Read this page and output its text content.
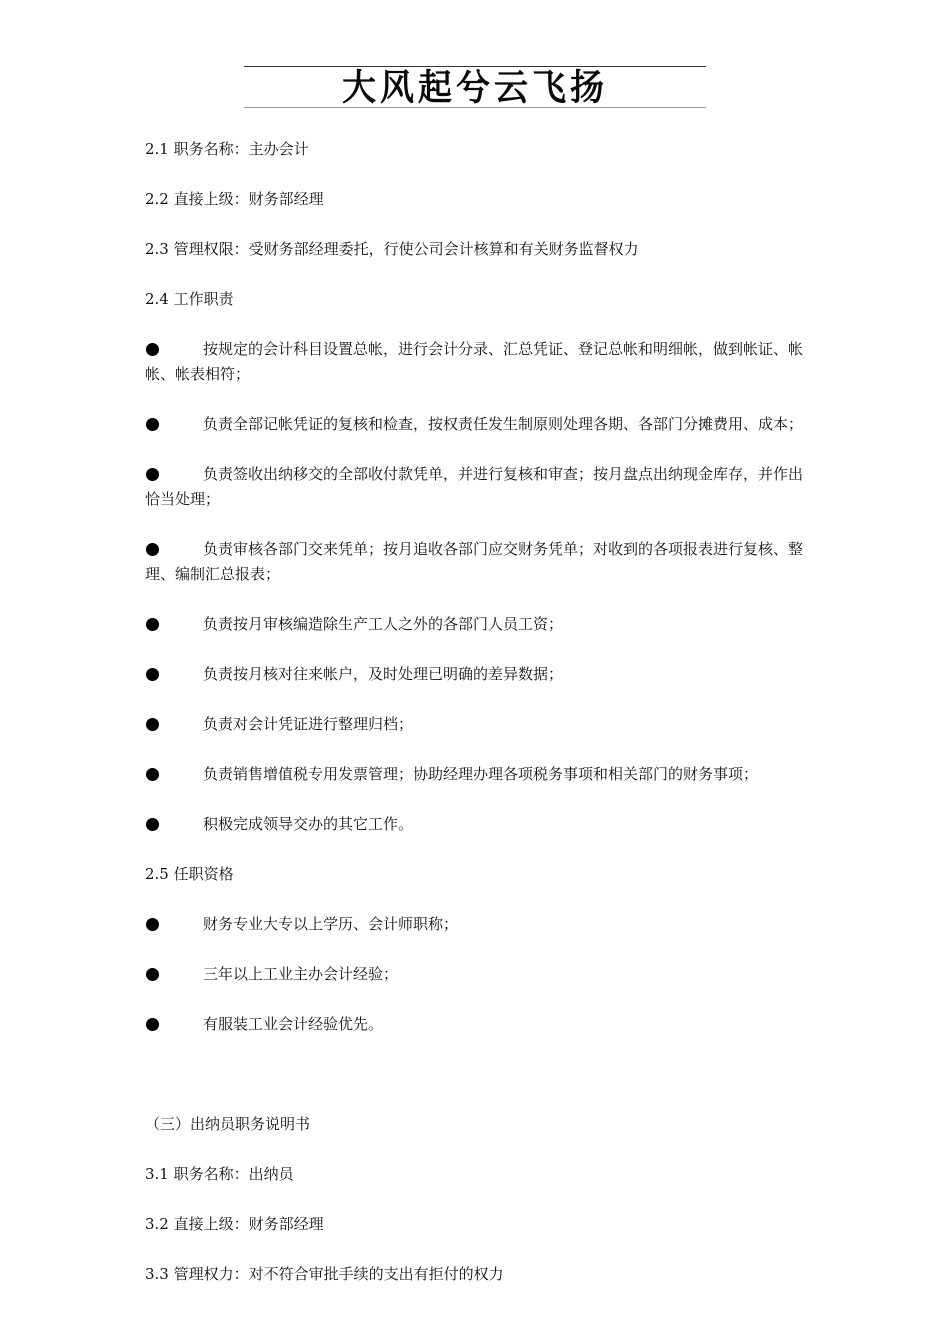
大风起兮云飞扬

2.1 职务名称：主办会计

2.2 直接上级：财务部经理

2.3 管理权限：受财务部经理委托，行使公司会计核算和有关财务监督权力

2.4 工作职责

按规定的会计科目设置总帐，进行会计分录、汇总凭证、登记总帐和明细帐，做到帐证、帐帐、帐表相符；
负责全部记帐凭证的复核和检查，按权责任发生制原则处理各期、各部门分摊费用、成本；
负责签收出纳移交的全部收付款凭单，并进行复核和审查；按月盘点出纳现金库存，并作出恰当处理；
负责审核各部门交来凭单；按月追收各部门应交财务凭单；对收到的各项报表进行复核、整理、编制汇总报表；
负责按月审核编造除生产工人之外的各部门人员工资；
负责按月核对往来帐户，及时处理已明确的差异数据；
负责对会计凭证进行整理归档；
负责销售增值税专用发票管理；协助经理办理各项税务事项和相关部门的财务事项；
积极完成领导交办的其它工作。

2.5 任职资格

财务专业大专以上学历、会计师职称；
三年以上工业主办会计经验；
有服装工业会计经验优先。

（三）出纳员职务说明书

3.1 职务名称：出纳员

3.2 直接上级：财务部经理

3.3 管理权力：对不符合审批手续的支出有拒付的权力
